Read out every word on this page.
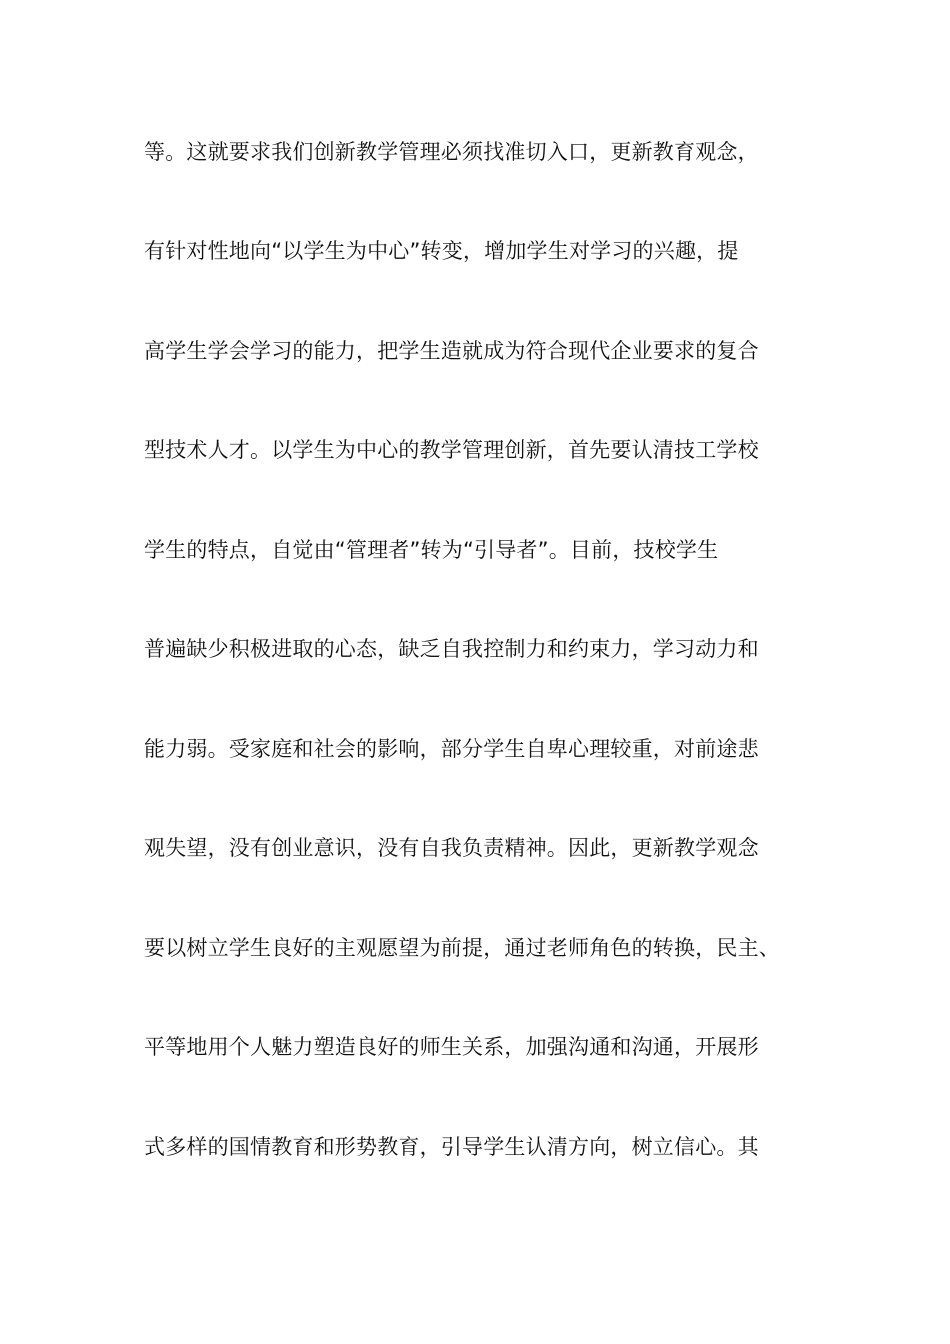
等。这就要求我们创新教学管理必须找准切入口，更新教育观念，
有针对性地向“以学生为中心”转变，增加学生对学习的兴趣，提
高学生学会学习的能力，把学生造就成为符合现代企业要求的复合
型技术人才。以学生为中心的教学管理创新，首先要认清技工学校
学生的特点，自觉由“管理者”转为“引导者”。目前，技校学生
普遍缺少积极进取的心态，缺乏自我控制力和约束力，学习动力和
能力弱。受家庭和社会的影响，部分学生自卑心理较重，对前途悲
观失望，没有创业意识，没有自我负责精神。因此，更新教学观念
要以树立学生良好的主观愿望为前提，通过老师角色的转换，民主、
平等地用个人魅力塑造良好的师生关系，加强沟通和沟通，开展形
式多样的国情教育和形势教育，引导学生认清方向，树立信心。其
